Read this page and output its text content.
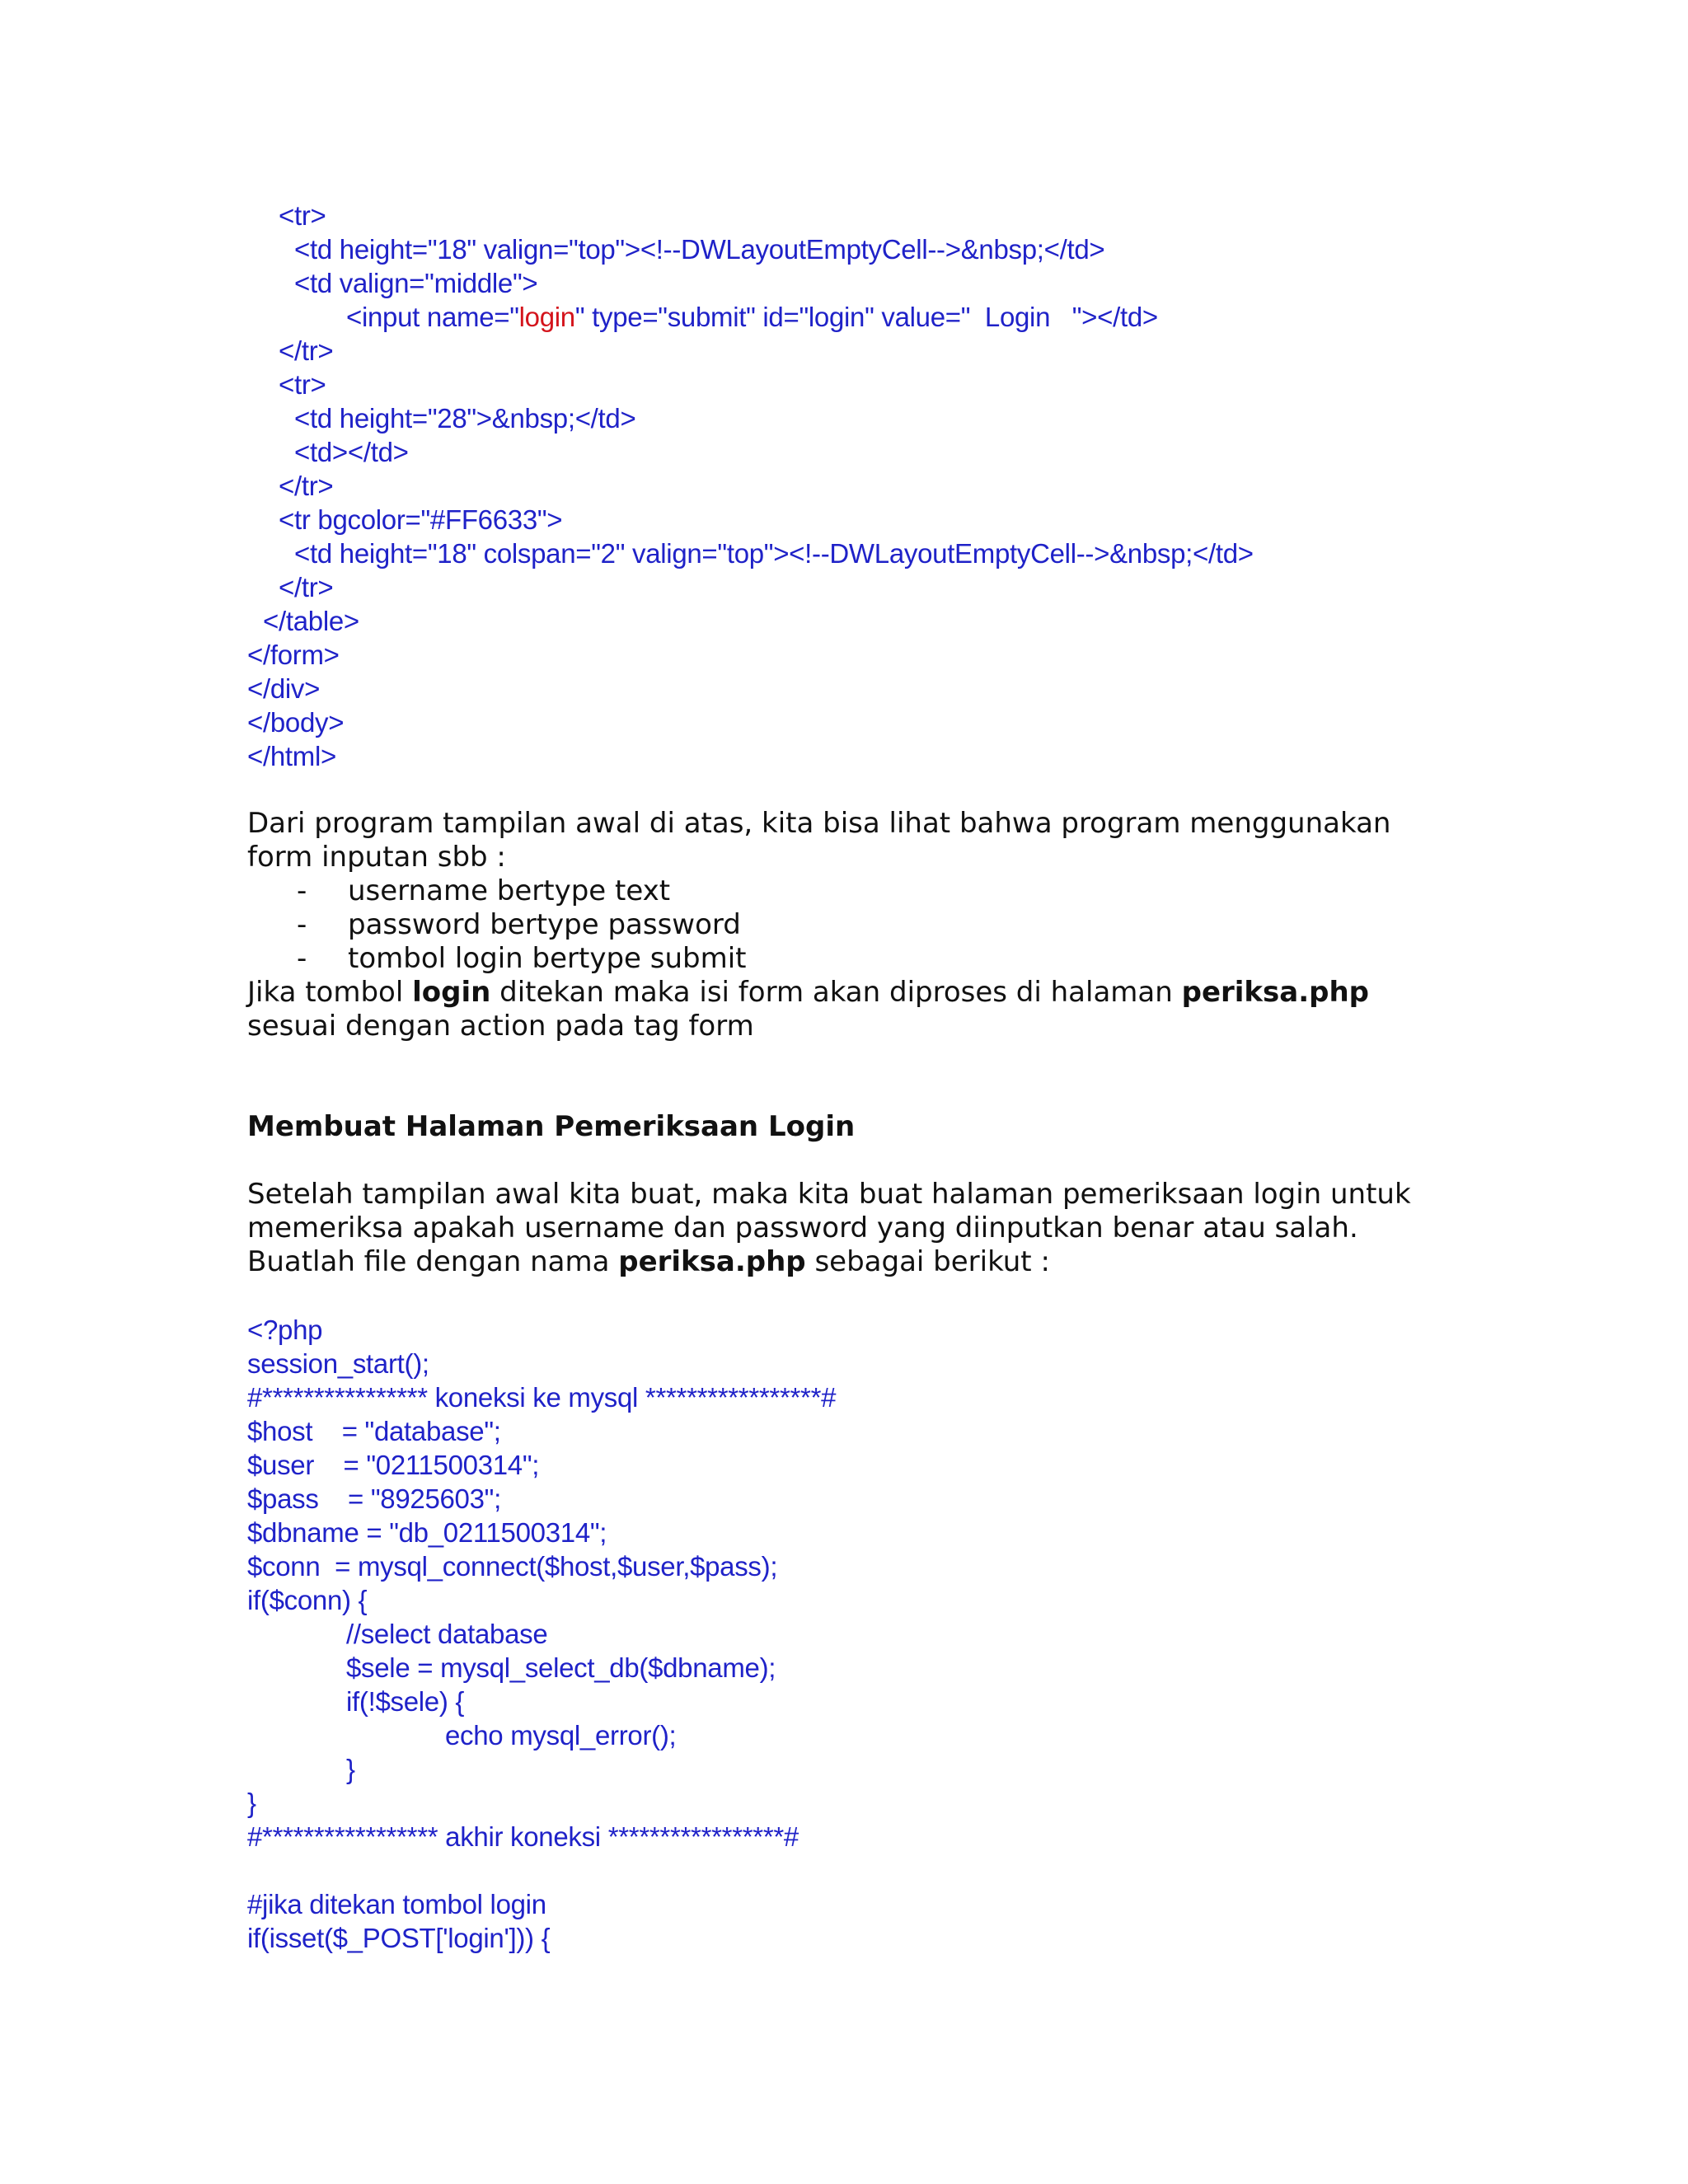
<tr>
<td height="18" valign="top"><!--DWLayoutEmptyCell-->&nbsp;</td>
<td valign="middle">
<input name="login" type="submit" id="login" value="  Login   "></td>
</tr>
<tr>
<td height="28">&nbsp;</td>
<td></td>
</tr>
<tr bgcolor="#FF6633">
<td height="18" colspan="2" valign="top"><!--DWLayoutEmptyCell-->&nbsp;</td>
</tr>
</table>
</form>
</div>
</body>
</html>
Dari program tampilan awal di atas, kita bisa lihat bahwa program menggunakan
form inputan sbb :
- username bertype text
- password bertype password
- tombol login bertype submit
Jika tombol login ditekan maka isi form akan diproses di halaman periksa.php
sesuai dengan action pada tag form
Membuat Halaman Pemeriksaan Login
Setelah tampilan awal kita buat, maka kita buat halaman pemeriksaan login untuk
memeriksa apakah username dan password yang diinputkan benar atau salah.
Buatlah file dengan nama periksa.php sebagai berikut :
<?php
session_start();
#**************** koneksi ke mysql *****************#
$host    = "database";
$user    = "0211500314";
$pass    = "8925603";
$dbname = "db_0211500314";
$conn  = mysql_connect($host,$user,$pass);
if($conn) {
//select database
$sele = mysql_select_db($dbname);
if(!$sele) {
echo mysql_error();
}
}
#***************** akhir koneksi *****************#
#jika ditekan tombol login
if(isset($_POST['login'])) {
